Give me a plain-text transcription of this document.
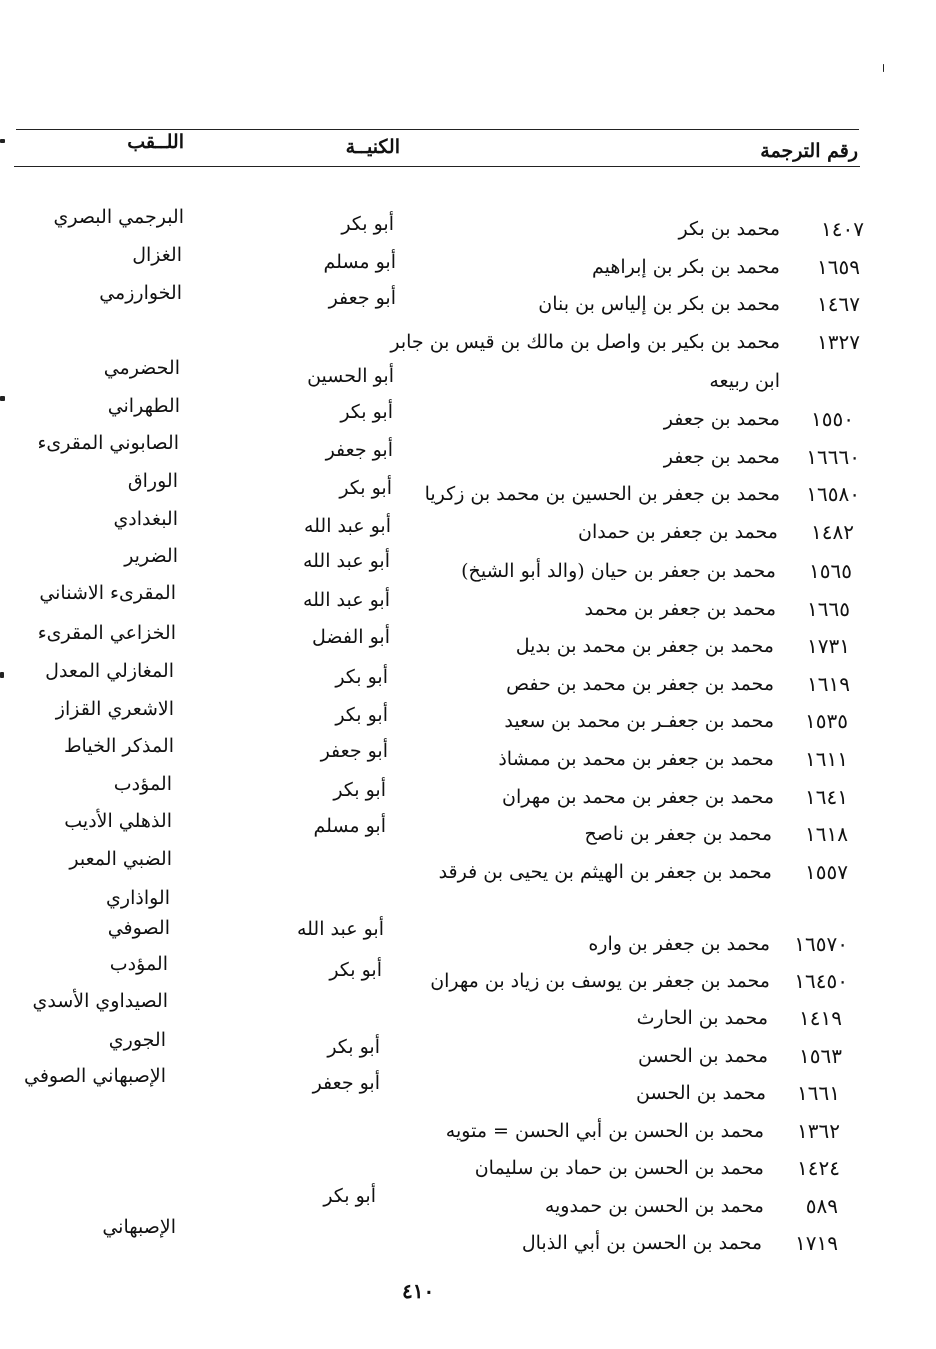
رقم الترجمة
الكنيــة
اللــقب
١٤٠٧
محمد بن بكر
١٦٥٩
محمد بن بكر بن إبراهيم
١٤٦٧
محمد بن بكر بن إلياس بن بنان
١٣٢٧
محمد بن بكير بن واصل بن مالك بن قيس بن جابر
ابن ربيعه
١٥٥٠
محمد بن جعفر
١٦٦٦٠
محمد بن جعفر
١٦٥٨٠
محمد بن جعفر بن الحسين بن محمد بن زكريا
١٤٨٢
محمد بن جعفر بن حمدان
١٥٦٥
محمد بن جعفر بن حيان (والد أبو الشيخ)
١٦٦٥
محمد بن جعفر بن محمد
١٧٣١
محمد بن جعفر بن محمد بن بديل
١٦١٩
محمد بن جعفر بن محمد بن حفص
١٥٣٥
محمد بن جعفـر بن محمد بن سعيد
١٦١١
محمد بن جعفر بن محمد بن ممشاذ
١٦٤١
محمد بن جعفر بن محمد بن مهران
١٦١٨
محمد بن جعفر بن ناصح
١٥٥٧
محمد بن جعفر بن الهيثم بن يحيى بن فرقد
١٦٥٧٠
محمد بن جعفر بن واره
١٦٤٥٠
محمد بن جعفر بن يوسف بن زياد بن مهران
١٤١٩
محمد بن الحارث
١٥٦٣
محمد بن الحسن
١٦٦١
محمد بن الحسن
١٣٦٢
محمد بن الحسن بن أبي الحسن = متويه
١٤٢٤
محمد بن الحسن بن حماد بن سليمان
٥٨٩
محمد بن الحسن بن حمدويه
١٧١٩
محمد بن الحسن بن أبي الذبال
أبو بكر
أبو مسلم
أبو جعفر
أبو الحسين
أبو بكر
أبو جعفر
أبو بكر
أبو عبد الله
أبو عبد الله
أبو عبد الله
أبو الفضل
أبو بكر
أبو بكر
أبو جعفر
أبو بكر
أبو مسلم
أبو عبد الله
أبو بكر
أبو بكر
أبو جعفر
أبو بكر
البرجمي البصري
الغزال
الخوارزمي
الحضرمي
الطهراني
الصابوني المقرىء
الوراق
البغدادي
الضرير
المقرىء الاشناني
الخزاعي المقرىء
المغازلي المعدل
الاشعري القزاز
المذكر الخياط
المؤدب
الذهلي الأديب
الضبي المعبر
الواذاري
الصوفي
المؤدب
الصيداوي الأسدي
الجوري
الإصبهاني الصوفي
الإصبهاني
٤١٠
